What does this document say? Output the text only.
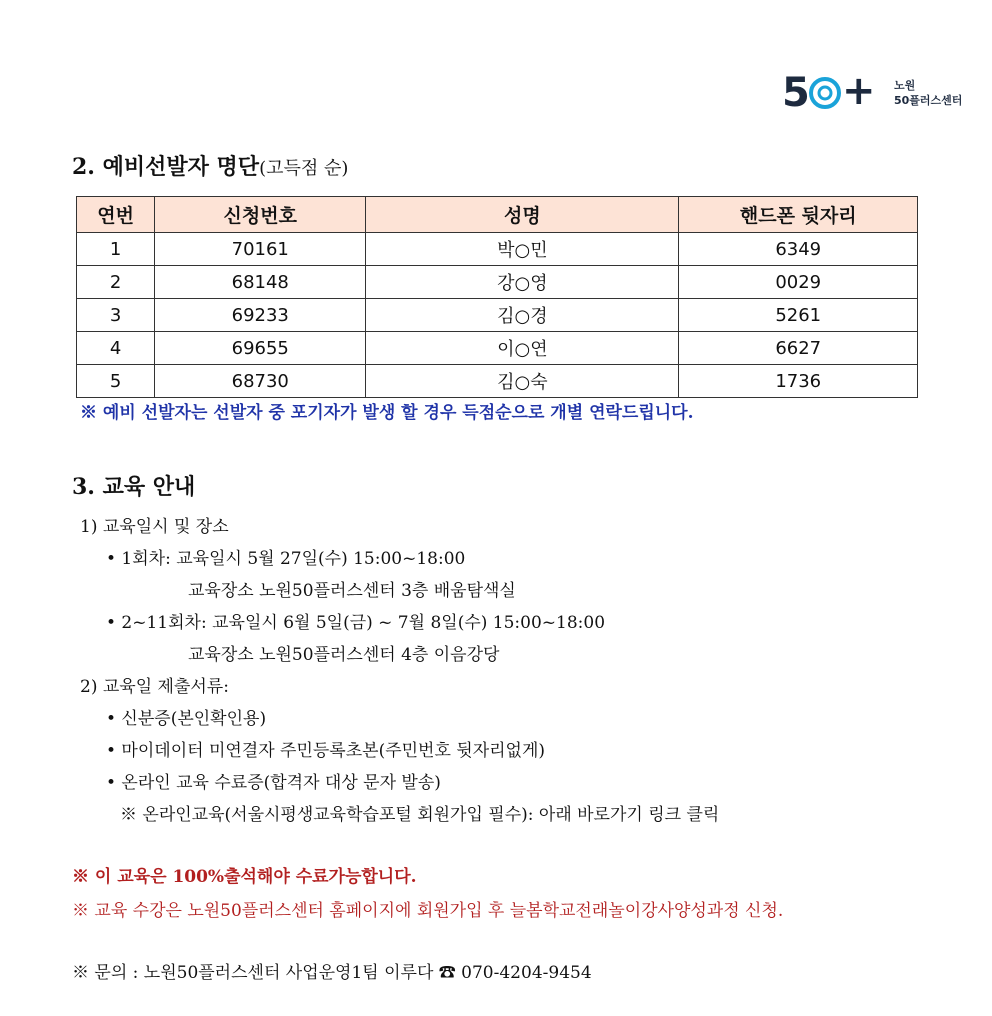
5 + 노원
50플러스센터
2. 예비선발자 명단(고득점 순)
연번	신청번호	성명	핸드폰 뒷자리
1	70161	박○민	6349
2	68148	강○영	0029
3	69233	김○경	5261
4	69655	이○연	6627
5	68730	김○숙	1736
※ 예비 선발자는 선발자 중 포기자가 발생 할 경우 득점순으로 개별 연락드립니다.
3. 교육 안내
1) 교육일시 및 장소
• 1회차: 교육일시 5월 27일(수) 15:00~18:00
교육장소 노원50플러스센터 3층 배움탐색실
• 2~11회차: 교육일시 6월 5일(금) ~ 7월 8일(수) 15:00~18:00
교육장소 노원50플러스센터 4층 이음강당
2) 교육일 제출서류:
• 신분증(본인확인용)
• 마이데이터 미연결자 주민등록초본(주민번호 뒷자리없게)
• 온라인 교육 수료증(합격자 대상 문자 발송)
※ 온라인교육(서울시평생교육학습포털 회원가입 필수): 아래 바로가기 링크 클릭
※ 이 교육은 100%출석해야 수료가능합니다.
※ 교육 수강은 노원50플러스센터 홈페이지에 회원가입 후 늘봄학교전래놀이강사양성과정 신청.
※ 문의 : 노원50플러스센터 사업운영1팀 이루다 ☎ 070-4204-9454
